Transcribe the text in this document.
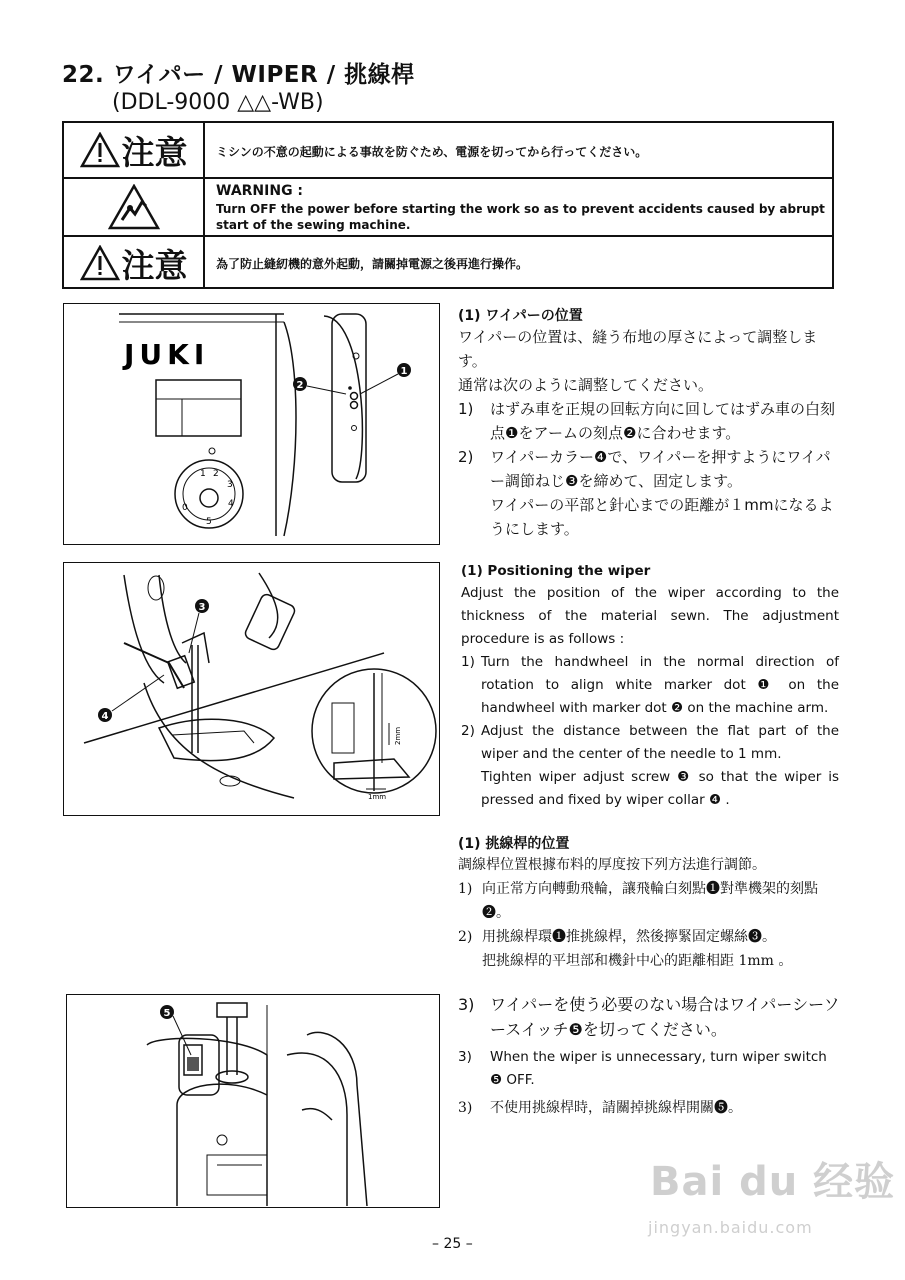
22. ワイパー / WIPER / 挑線桿
(DDL-9000 △△-WB)
注意 ミシンの不意の起動による事故を防ぐため、電源を切ってから行ってください。
WARNING :
Turn OFF the power before starting the work so as to prevent accidents caused by abrupt start of the sewing machine.
注意 為了防止縫紉機的意外起動，請關掉電源之後再進行操作。
1 2
3
4
5
0
JUKI
2
1
3
4
2mm
1mm
5
(1) ワイパーの位置
ワイパーの位置は、縫う布地の厚さによって調整します。
通常は次のように調整してください。
1) はずみ車を正規の回転方向に回してはずみ車の白刻点❶をアームの刻点❷に合わせます。
2) ワイパーカラー❹で、ワイパーを押すようにワイパー調節ねじ❸を締めて、固定します。
ワイパーの平部と針心までの距離が１mmになるようにします。
(1) Positioning the wiper
Adjust the position of the wiper according to the thickness of the material sewn. The adjustment procedure is as follows :
1) Turn the handwheel in the normal direction of rotation to align white marker dot ❶ on the handwheel with marker dot ❷ on the machine arm.
2) Adjust the distance between the flat part of the wiper and the center of the needle to 1 mm.
Tighten wiper adjust screw ❸ so that the wiper is pressed and fixed by wiper collar ❹ .
(1) 挑線桿的位置
調線桿位置根據布料的厚度按下列方法進行調節。
1) 向正常方向轉動飛輪，讓飛輪白刻點❶對準機架的刻點❷。
2) 用挑線桿環❶推挑線桿，然後擰緊固定螺絲❸。
把挑線桿的平坦部和機針中心的距離相距 1mm 。
3) ワイパーを使う必要のない場合はワイパーシーソースイッチ❺を切ってください。
3) When the wiper is unnecessary, turn wiper switch ❺ OFF.
3) 不使用挑線桿時，請關掉挑線桿開關❺。
– 25 –
Bai du 经验
jingyan.baidu.com
